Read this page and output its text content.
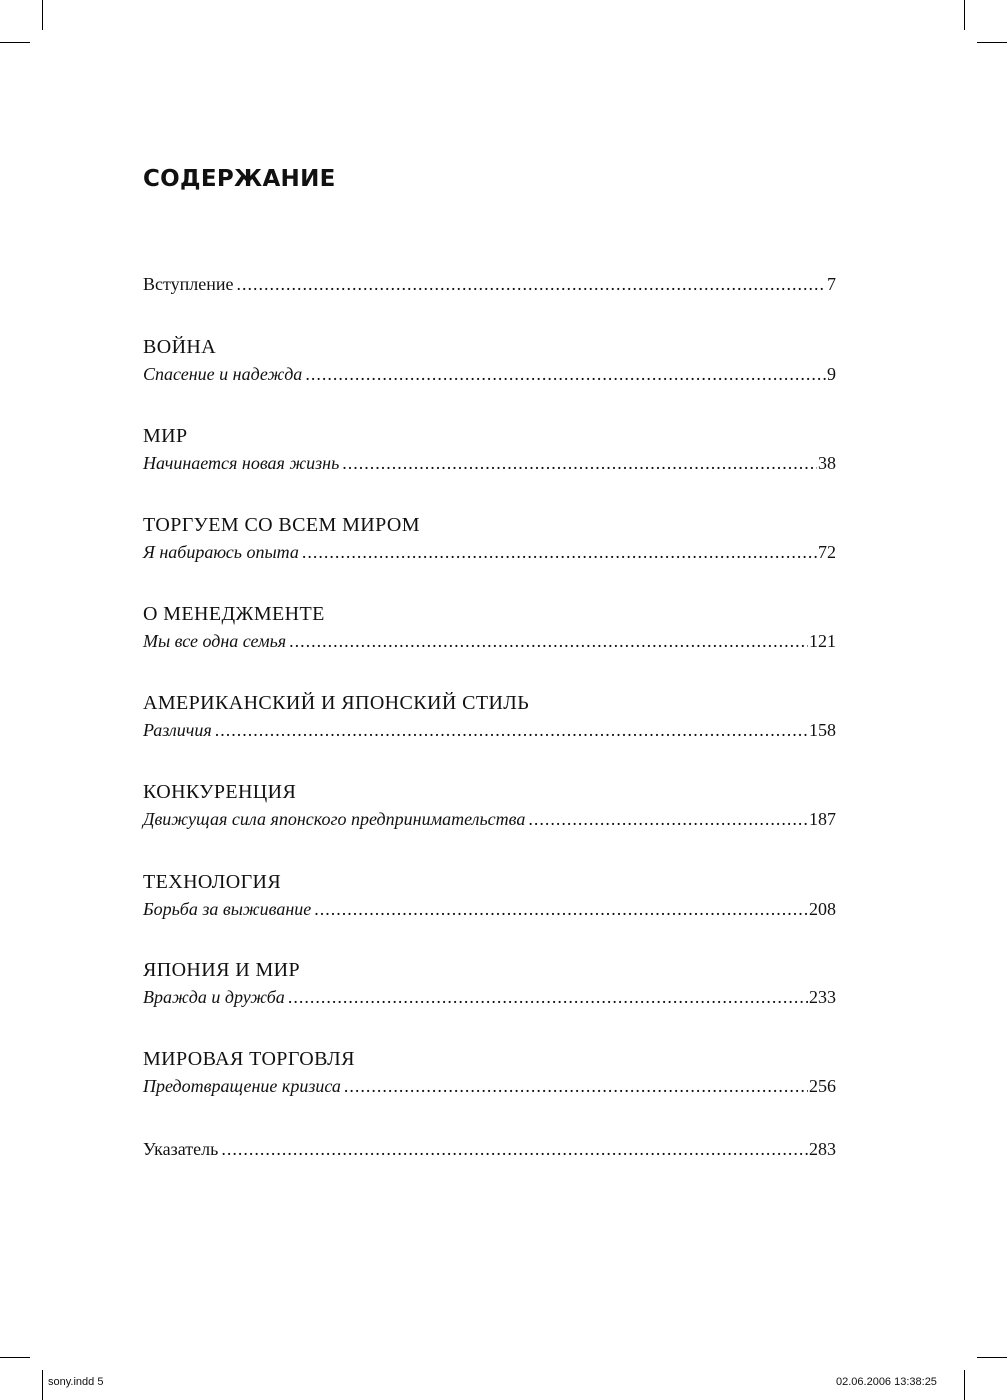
СОДЕРЖАНИЕ
Вступление .....	7
ВОЙНА
Спасение и надежда .....	9
МИР
Начинается новая жизнь .....	38
ТОРГУЕМ СО ВСЕМ МИРОМ
Я набираюсь опыта .....	72
О МЕНЕДЖМЕНТЕ
Мы все одна семья .....	121
АМЕРИКАНСКИЙ И ЯПОНСКИЙ СТИЛЬ
Различия .....	158
КОНКУРЕНЦИЯ
Движущая сила японского предпринимательства .....	187
ТЕХНОЛОГИЯ
Борьба за выживание .....	208
ЯПОНИЯ И МИР
Вражда и дружба .....	233
МИРОВАЯ ТОРГОВЛЯ
Предотвращение кризиса .....	256
Указатель .....	283
sony.indd 5	02.06.2006 13:38:25
